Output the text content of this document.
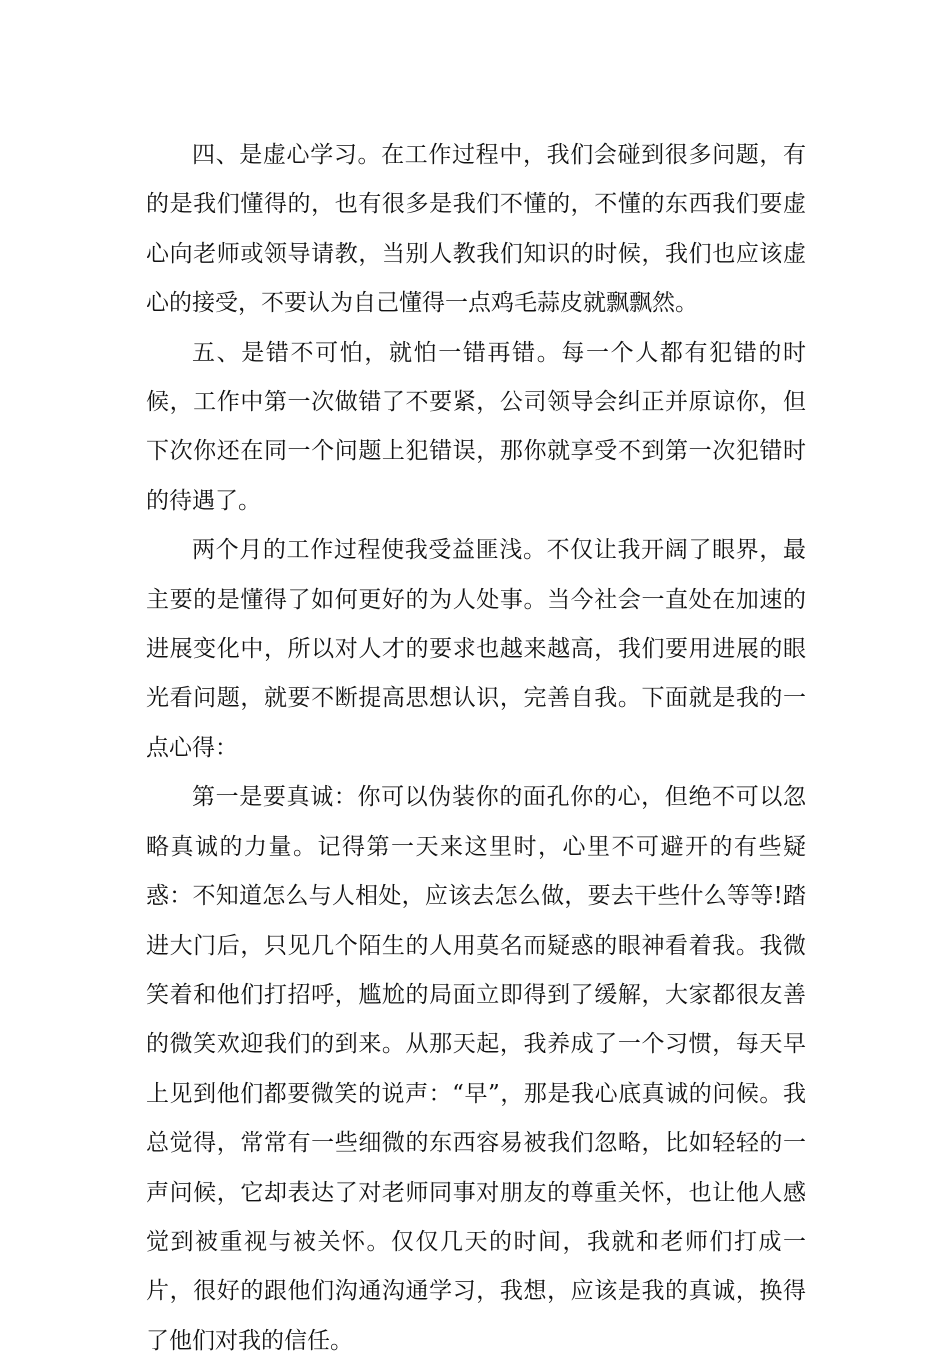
四、是虚心学习。在工作过程中，我们会碰到很多问题，有的是我们懂得的，也有很多是我们不懂的，不懂的东西我们要虚心向老师或领导请教，当别人教我们知识的时候，我们也应该虚心的接受，不要认为自己懂得一点鸡毛蒜皮就飘飘然。

五、是错不可怕，就怕一错再错。每一个人都有犯错的时候，工作中第一次做错了不要紧，公司领导会纠正并原谅你，但下次你还在同一个问题上犯错误，那你就享受不到第一次犯错时的待遇了。

两个月的工作过程使我受益匪浅。不仅让我开阔了眼界，最主要的是懂得了如何更好的为人处事。当今社会一直处在加速的进展变化中，所以对人才的要求也越来越高，我们要用进展的眼光看问题，就要不断提高思想认识，完善自我。下面就是我的一点心得：

第一是要真诚：你可以伪装你的面孔你的心，但绝不可以忽略真诚的力量。记得第一天来这里时，心里不可避开的有些疑惑：不知道怎么与人相处，应该去怎么做，要去干些什么等等!踏进大门后，只见几个陌生的人用莫名而疑惑的眼神看着我。我微笑着和他们打招呼，尴尬的局面立即得到了缓解，大家都很友善的微笑欢迎我们的到来。从那天起，我养成了一个习惯，每天早上见到他们都要微笑的说声：“早”，那是我心底真诚的问候。我总觉得，常常有一些细微的东西容易被我们忽略，比如轻轻的一声问候，它却表达了对老师同事对朋友的尊重关怀，也让他人感觉到被重视与被关怀。仅仅几天的时间，我就和老师们打成一片，很好的跟他们沟通沟通学习，我想，应该是我的真诚，换得了他们对我的信任。
